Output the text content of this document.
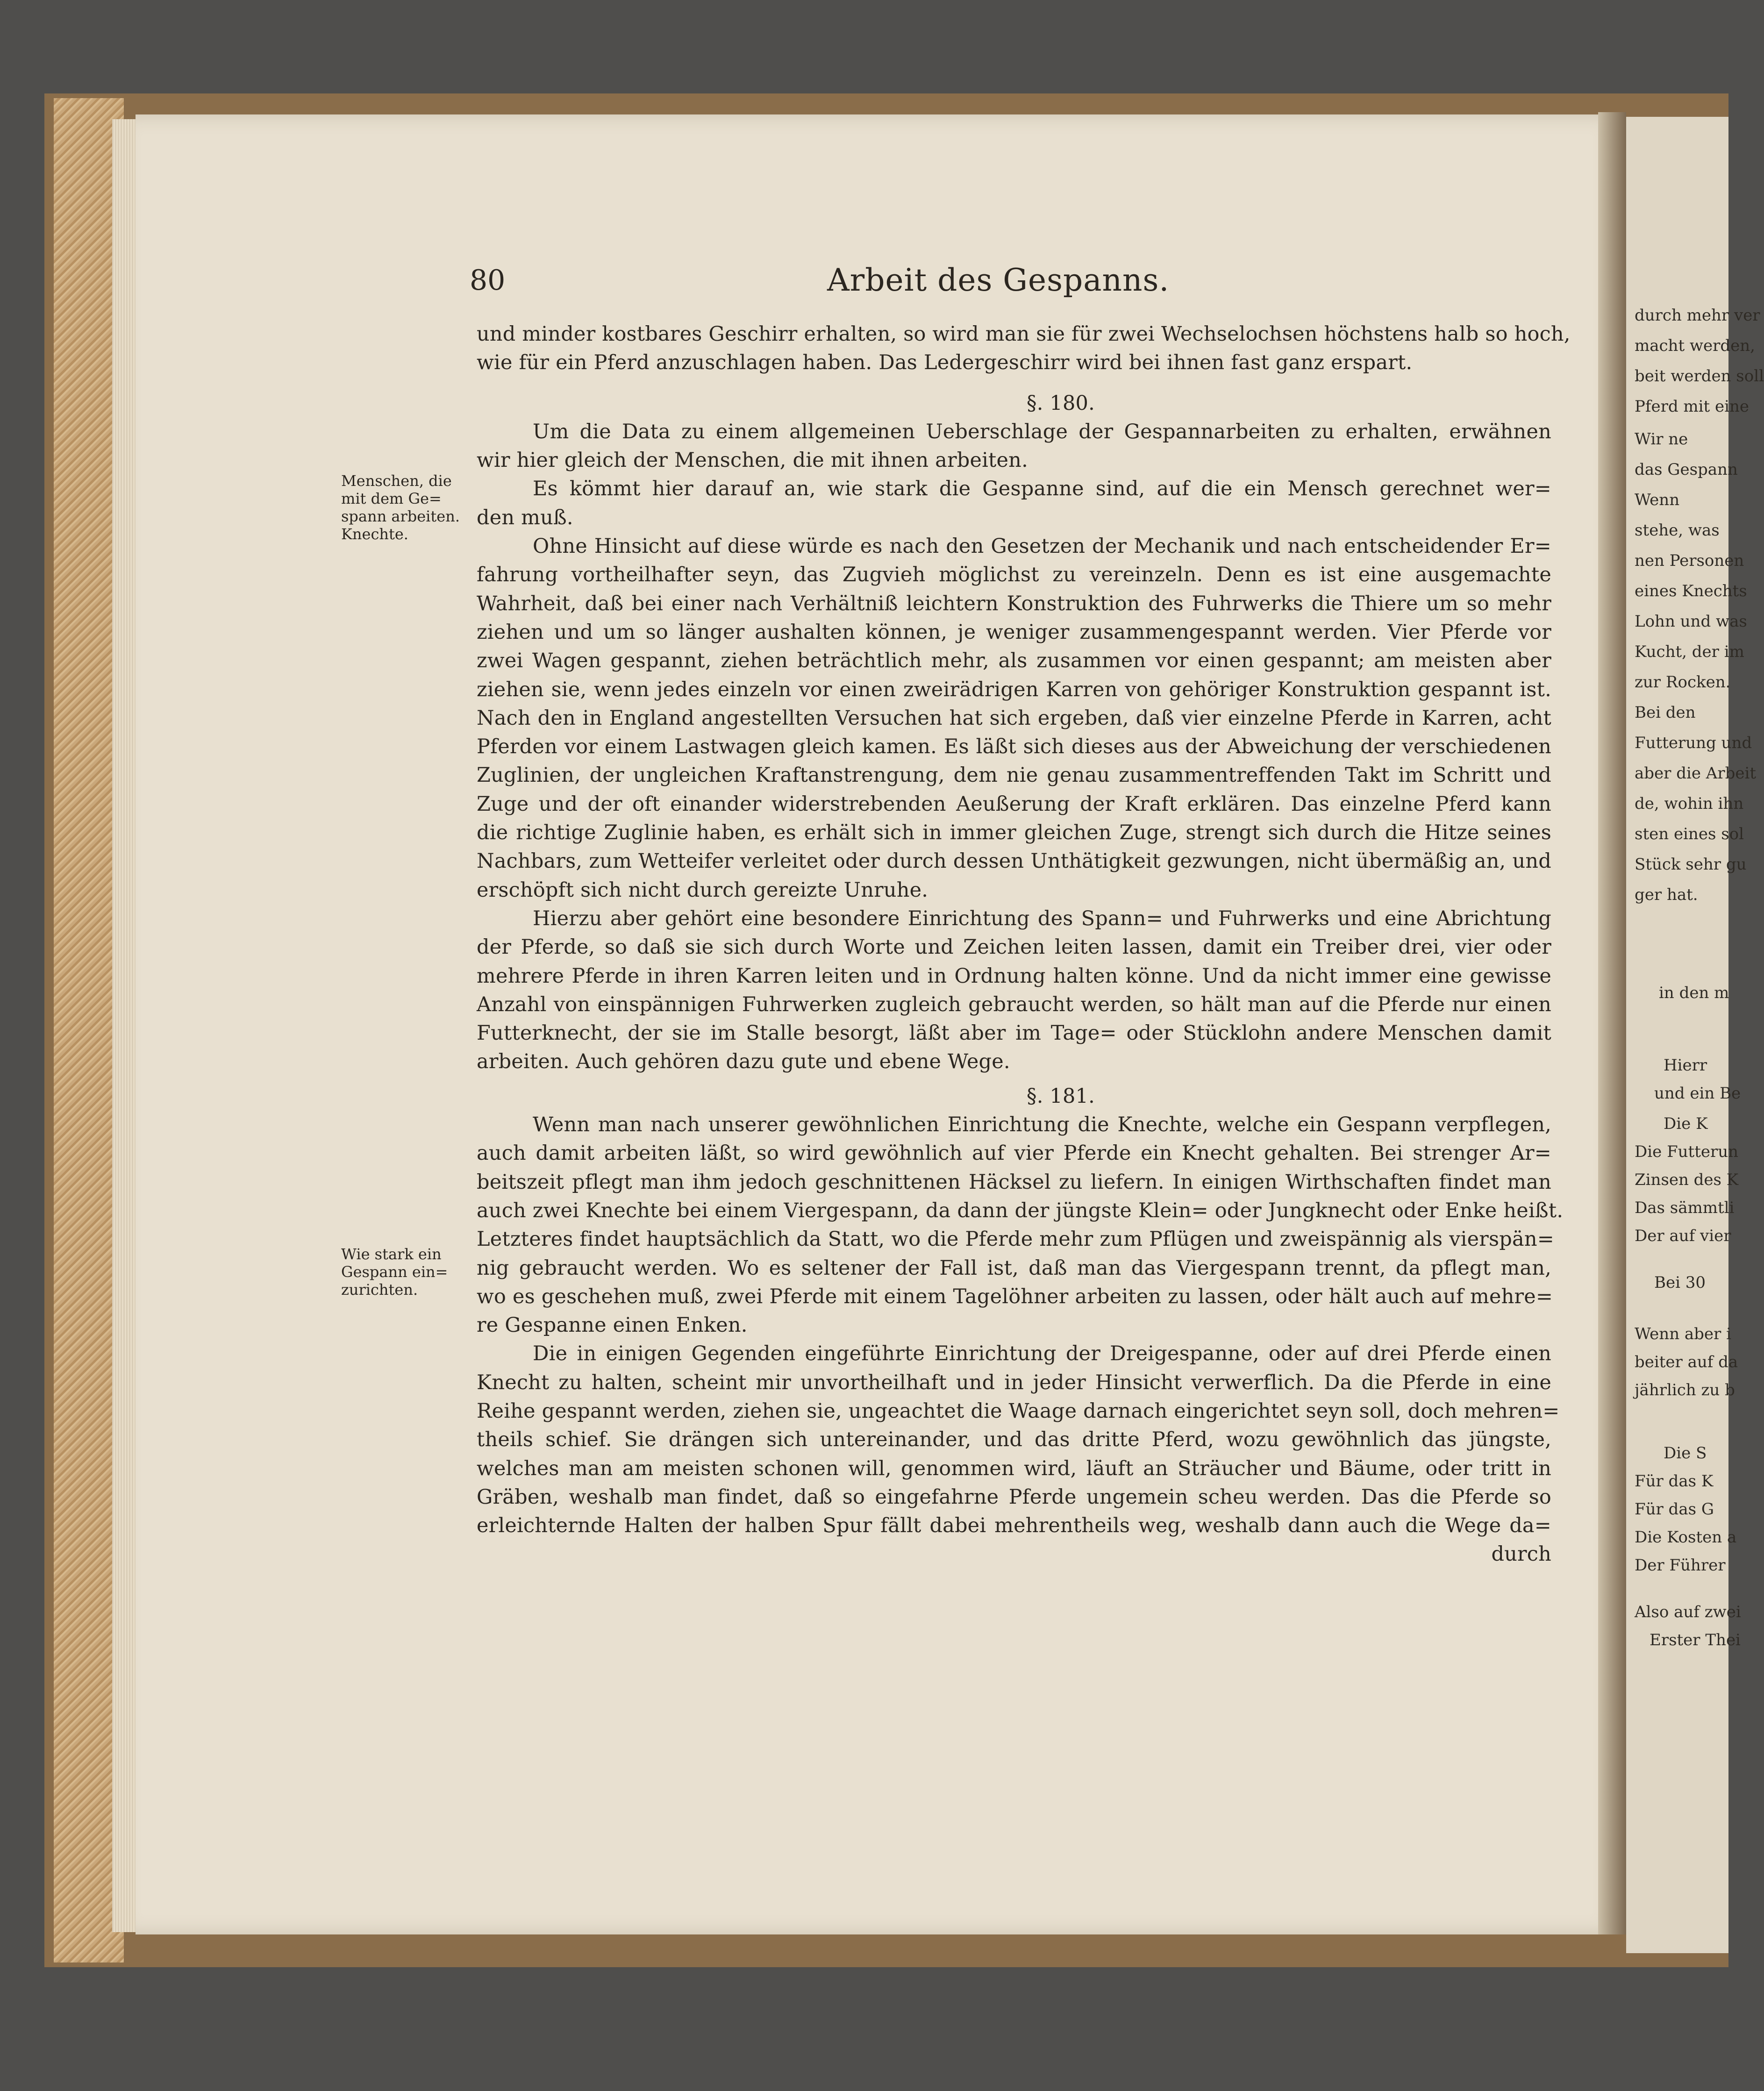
durch mehr ver
macht werden,
beit werden soll
Pferd mit eine
Wir ne
das Gespann
Wenn
stehe, was
nen Personen
eines Knechts
Lohn und was
Kucht, der im
zur Rocken.
Bei den
Futterung und
aber die Arbeit
de, wohin ihn
sten eines sol
Stück sehr gu
ger hat.
in den m
Hierr
und ein Be
Die K
Die Futterun
Zinsen des K
Das sämmtli
Der auf vier
Bei 30
Wenn aber i
beiter auf da
jährlich zu b
Die S
Für das K
Für das G
Die Kosten a
Der Führer
Also auf zwei
Erster Thei
80	Arbeit des Gespanns.
Menschen, die
mit dem Ge=
spann arbeiten.
Knechte.
Wie stark ein
Gespann ein=
zurichten.
und minder kostbares Geschirr erhalten, so wird man sie für zwei Wechselochsen höchstens halb so hoch,
wie für ein Pferd anzuschlagen haben. Das Ledergeschirr wird bei ihnen fast ganz erspart.
§. 180.
Um die Data zu einem allgemeinen Ueberschlage der Gespannarbeiten zu erhalten, erwähnen
wir hier gleich der Menschen, die mit ihnen arbeiten.
Es kömmt hier darauf an, wie stark die Gespanne sind, auf die ein Mensch gerechnet wer=
den muß.
Ohne Hinsicht auf diese würde es nach den Gesetzen der Mechanik und nach entscheidender Er=
fahrung vortheilhafter seyn, das Zugvieh möglichst zu vereinzeln. Denn es ist eine ausgemachte
Wahrheit, daß bei einer nach Verhältniß leichtern Konstruktion des Fuhrwerks die Thiere um so mehr
ziehen und um so länger aushalten können, je weniger zusammengespannt werden. Vier Pferde vor
zwei Wagen gespannt, ziehen beträchtlich mehr, als zusammen vor einen gespannt; am meisten aber
ziehen sie, wenn jedes einzeln vor einen zweirädrigen Karren von gehöriger Konstruktion gespannt ist.
Nach den in England angestellten Versuchen hat sich ergeben, daß vier einzelne Pferde in Karren, acht
Pferden vor einem Lastwagen gleich kamen. Es läßt sich dieses aus der Abweichung der verschiedenen
Zuglinien, der ungleichen Kraftanstrengung, dem nie genau zusammentreffenden Takt im Schritt und
Zuge und der oft einander widerstrebenden Aeußerung der Kraft erklären. Das einzelne Pferd kann
die richtige Zuglinie haben, es erhält sich in immer gleichen Zuge, strengt sich durch die Hitze seines
Nachbars, zum Wetteifer verleitet oder durch dessen Unthätigkeit gezwungen, nicht übermäßig an, und
erschöpft sich nicht durch gereizte Unruhe.
Hierzu aber gehört eine besondere Einrichtung des Spann= und Fuhrwerks und eine Abrichtung
der Pferde, so daß sie sich durch Worte und Zeichen leiten lassen, damit ein Treiber drei, vier oder
mehrere Pferde in ihren Karren leiten und in Ordnung halten könne. Und da nicht immer eine gewisse
Anzahl von einspännigen Fuhrwerken zugleich gebraucht werden, so hält man auf die Pferde nur einen
Futterknecht, der sie im Stalle besorgt, läßt aber im Tage= oder Stücklohn andere Menschen damit
arbeiten. Auch gehören dazu gute und ebene Wege.
§. 181.
Wenn man nach unserer gewöhnlichen Einrichtung die Knechte, welche ein Gespann verpflegen,
auch damit arbeiten läßt, so wird gewöhnlich auf vier Pferde ein Knecht gehalten. Bei strenger Ar=
beitszeit pflegt man ihm jedoch geschnittenen Häcksel zu liefern. In einigen Wirthschaften findet man
auch zwei Knechte bei einem Viergespann, da dann der jüngste Klein= oder Jungknecht oder Enke heißt.
Letzteres findet hauptsächlich da Statt, wo die Pferde mehr zum Pflügen und zweispännig als vierspän=
nig gebraucht werden. Wo es seltener der Fall ist, daß man das Viergespann trennt, da pflegt man,
wo es geschehen muß, zwei Pferde mit einem Tagelöhner arbeiten zu lassen, oder hält auch auf mehre=
re Gespanne einen Enken.
Die in einigen Gegenden eingeführte Einrichtung der Dreigespanne, oder auf drei Pferde einen
Knecht zu halten, scheint mir unvortheilhaft und in jeder Hinsicht verwerflich. Da die Pferde in eine
Reihe gespannt werden, ziehen sie, ungeachtet die Waage darnach eingerichtet seyn soll, doch mehren=
theils schief. Sie drängen sich untereinander, und das dritte Pferd, wozu gewöhnlich das jüngste,
welches man am meisten schonen will, genommen wird, läuft an Sträucher und Bäume, oder tritt in
Gräben, weshalb man findet, daß so eingefahrne Pferde ungemein scheu werden. Das die Pferde so
erleichternde Halten der halben Spur fällt dabei mehrentheils weg, weshalb dann auch die Wege da=
durch
